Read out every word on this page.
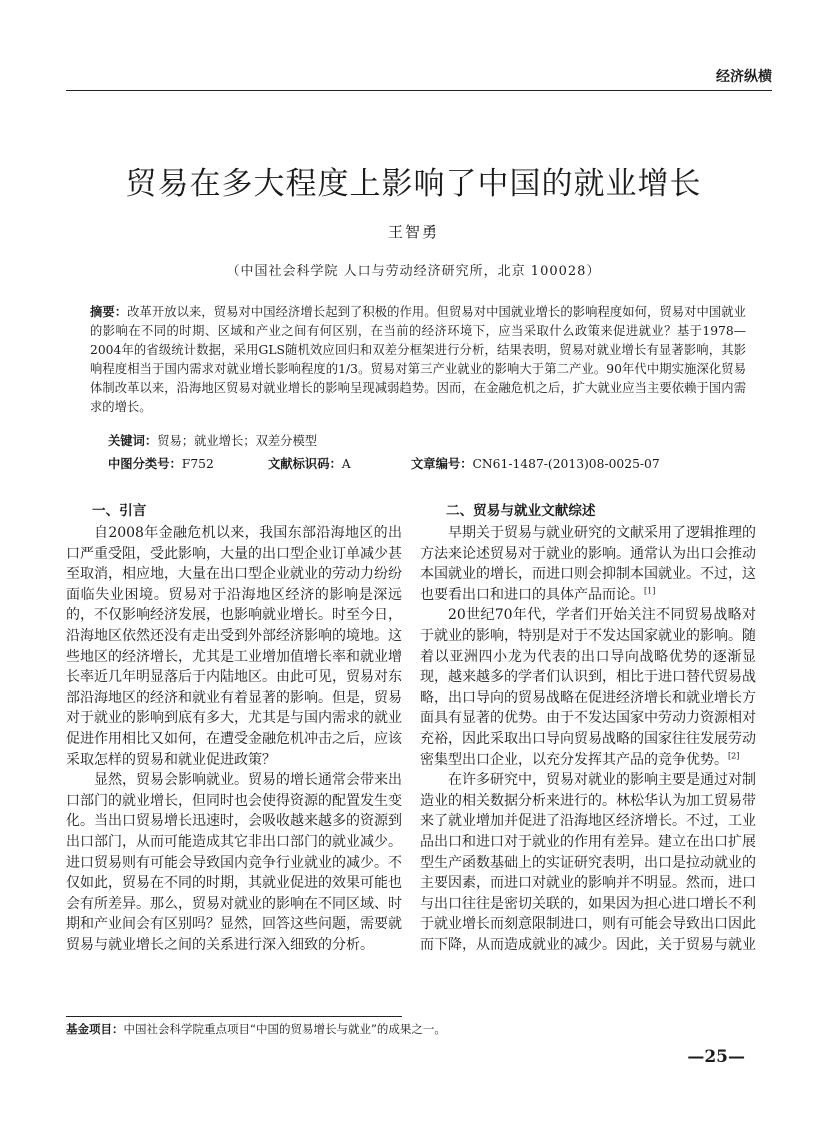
经济纵横
贸易在多大程度上影响了中国的就业增长
王智勇
（中国社会科学院 人口与劳动经济研究所，北京 100028）
摘要：改革开放以来，贸易对中国经济增长起到了积极的作用。但贸易对中国就业增长的影响程度如何，贸易对中国就业的影响在不同的时期、区域和产业之间有何区别，在当前的经济环境下，应当采取什么政策来促进就业？基于1978—2004年的省级统计数据，采用GLS随机效应回归和双差分框架进行分析，结果表明，贸易对就业增长有显著影响，其影响程度相当于国内需求对就业增长影响程度的1/3。贸易对第三产业就业的影响大于第二产业。90年代中期实施深化贸易体制改革以来，沿海地区贸易对就业增长的影响呈现减弱趋势。因而，在金融危机之后，扩大就业应当主要依赖于国内需求的增长。
关键词：贸易；就业增长；双差分模型
中图分类号：F752	文献标识码：A	文章编号：CN61-1487-(2013)08-0025-07
一、引言

自2008年金融危机以来，我国东部沿海地区的出口严重受阻，受此影响，大量的出口型企业订单减少甚至取消，相应地，大量在出口型企业就业的劳动力纷纷面临失业困境。贸易对于沿海地区经济的影响是深远的，不仅影响经济发展，也影响就业增长。时至今日，沿海地区依然还没有走出受到外部经济影响的境地。这些地区的经济增长，尤其是工业增加值增长率和就业增长率近几年明显落后于内陆地区。由此可见，贸易对东部沿海地区的经济和就业有着显著的影响。但是，贸易对于就业的影响到底有多大，尤其是与国内需求的就业促进作用相比又如何，在遭受金融危机冲击之后，应该采取怎样的贸易和就业促进政策？

显然，贸易会影响就业。贸易的增长通常会带来出口部门的就业增长，但同时也会使得资源的配置发生变化。当出口贸易增长迅速时，会吸收越来越多的资源到出口部门，从而可能造成其它非出口部门的就业减少。进口贸易则有可能会导致国内竞争行业就业的减少。不仅如此，贸易在不同的时期，其就业促进的效果可能也会有所差异。那么，贸易对就业的影响在不同区域、时期和产业间会有区别吗？显然，回答这些问题，需要就贸易与就业增长之间的关系进行深入细致的分析。

二、贸易与就业文献综述

早期关于贸易与就业研究的文献采用了逻辑推理的方法来论述贸易对于就业的影响。通常认为出口会推动本国就业的增长，而进口则会抑制本国就业。不过，这也要看出口和进口的具体产品而论。[1]

20世纪70年代，学者们开始关注不同贸易战略对于就业的影响，特别是对于不发达国家就业的影响。随着以亚洲四小龙为代表的出口导向战略优势的逐渐显现，越来越多的学者们认识到，相比于进口替代贸易战略，出口导向的贸易战略在促进经济增长和就业增长方面具有显著的优势。由于不发达国家中劳动力资源相对充裕，因此采取出口导向贸易战略的国家往往发展劳动密集型出口企业，以充分发挥其产品的竞争优势。[2]

在许多研究中，贸易对就业的影响主要是通过对制造业的相关数据分析来进行的。林松华认为加工贸易带来了就业增加并促进了沿海地区经济增长。不过，工业品出口和进口对于就业的作用有差异。建立在出口扩展型生产函数基础上的实证研究表明，出口是拉动就业的主要因素，而进口对就业的影响并不明显。然而，进口与出口往往是密切关联的，如果因为担心进口增长不利于就业增长而刻意限制进口，则有可能会导致出口因此而下降，从而造成就业的减少。因此，关于贸易与就业

基金项目：中国社会科学院重点项目“中国的贸易增长与就业”的成果之一。
—25—
